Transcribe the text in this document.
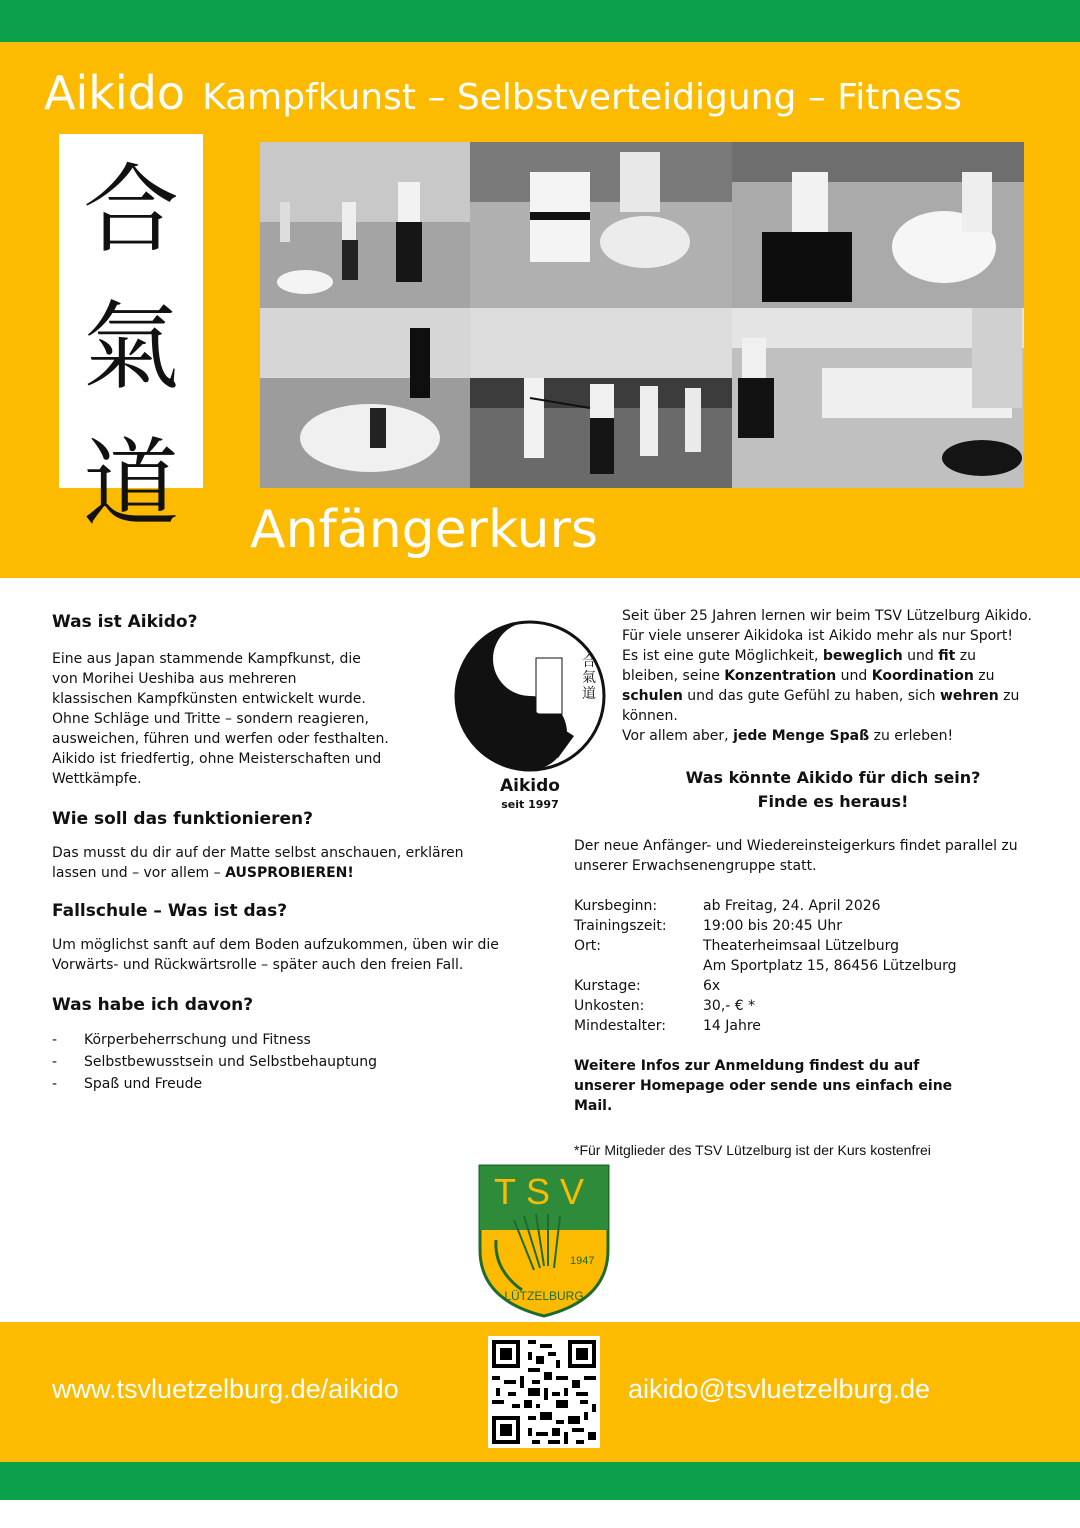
Aikido Kampfkunst – Selbstverteidigung – Fitness
合
氣
道 Anfängerkurs
Was ist Aikido?

Eine aus Japan stammende Kampfkunst, die von Morihei Ueshiba aus mehreren klassischen Kampfkünsten entwickelt wurde.

Ohne Schläge und Tritte – sondern reagieren, ausweichen, führen und werfen oder festhalten. Aikido ist friedfertig, ohne Meisterschaften und Wettkämpfe.

Wie soll das funktionieren?

Das musst du dir auf der Matte selbst anschauen, erklären lassen und – vor allem – AUSPROBIEREN!

Fallschule – Was ist das?

Um möglichst sanft auf dem Boden aufzukommen, üben wir die Vorwärts- und Rückwärtsrolle – später auch den freien Fall.

Was habe ich davon?
- Körperbeherrschung und Fitness
- Selbstbewusstsein und Selbstbehauptung
- Spaß und Freude
合
氣
道
Aikido
seit 1997

Seit über 25 Jahren lernen wir beim TSV Lützelburg Aikido. Für viele unserer Aikidoka ist Aikido mehr als nur Sport! Es ist eine gute Möglichkeit, beweglich und fit zu bleiben, seine Konzentration und Koordination zu schulen und das gute Gefühl zu haben, sich wehren zu können.

Vor allem aber, jede Menge Spaß zu erleben!

Was könnte Aikido für dich sein?
Finde es heraus!

Der neue Anfänger- und Wiedereinsteigerkurs findet parallel zu unserer Erwachsenengruppe statt.

Kursbeginn:	ab Freitag, 24. April 2026
Trainingszeit:	19:00 bis 20:45 Uhr
Ort:	Theaterheimsaal Lützelburg
	Am Sportplatz 15, 86456 Lützelburg
Kurstage:	6x
Unkosten:	30,- € *
Mindestalter:	14 Jahre

Weitere Infos zur Anmeldung findest du auf unserer Homepage oder sende uns einfach eine Mail.

*Für Mitglieder des TSV Lützelburg ist der Kurs kostenfrei

TSV
1947
LÜTZELBURG
www.tsvluetzelburg.de/aikido	aikido@tsvluetzelburg.de
